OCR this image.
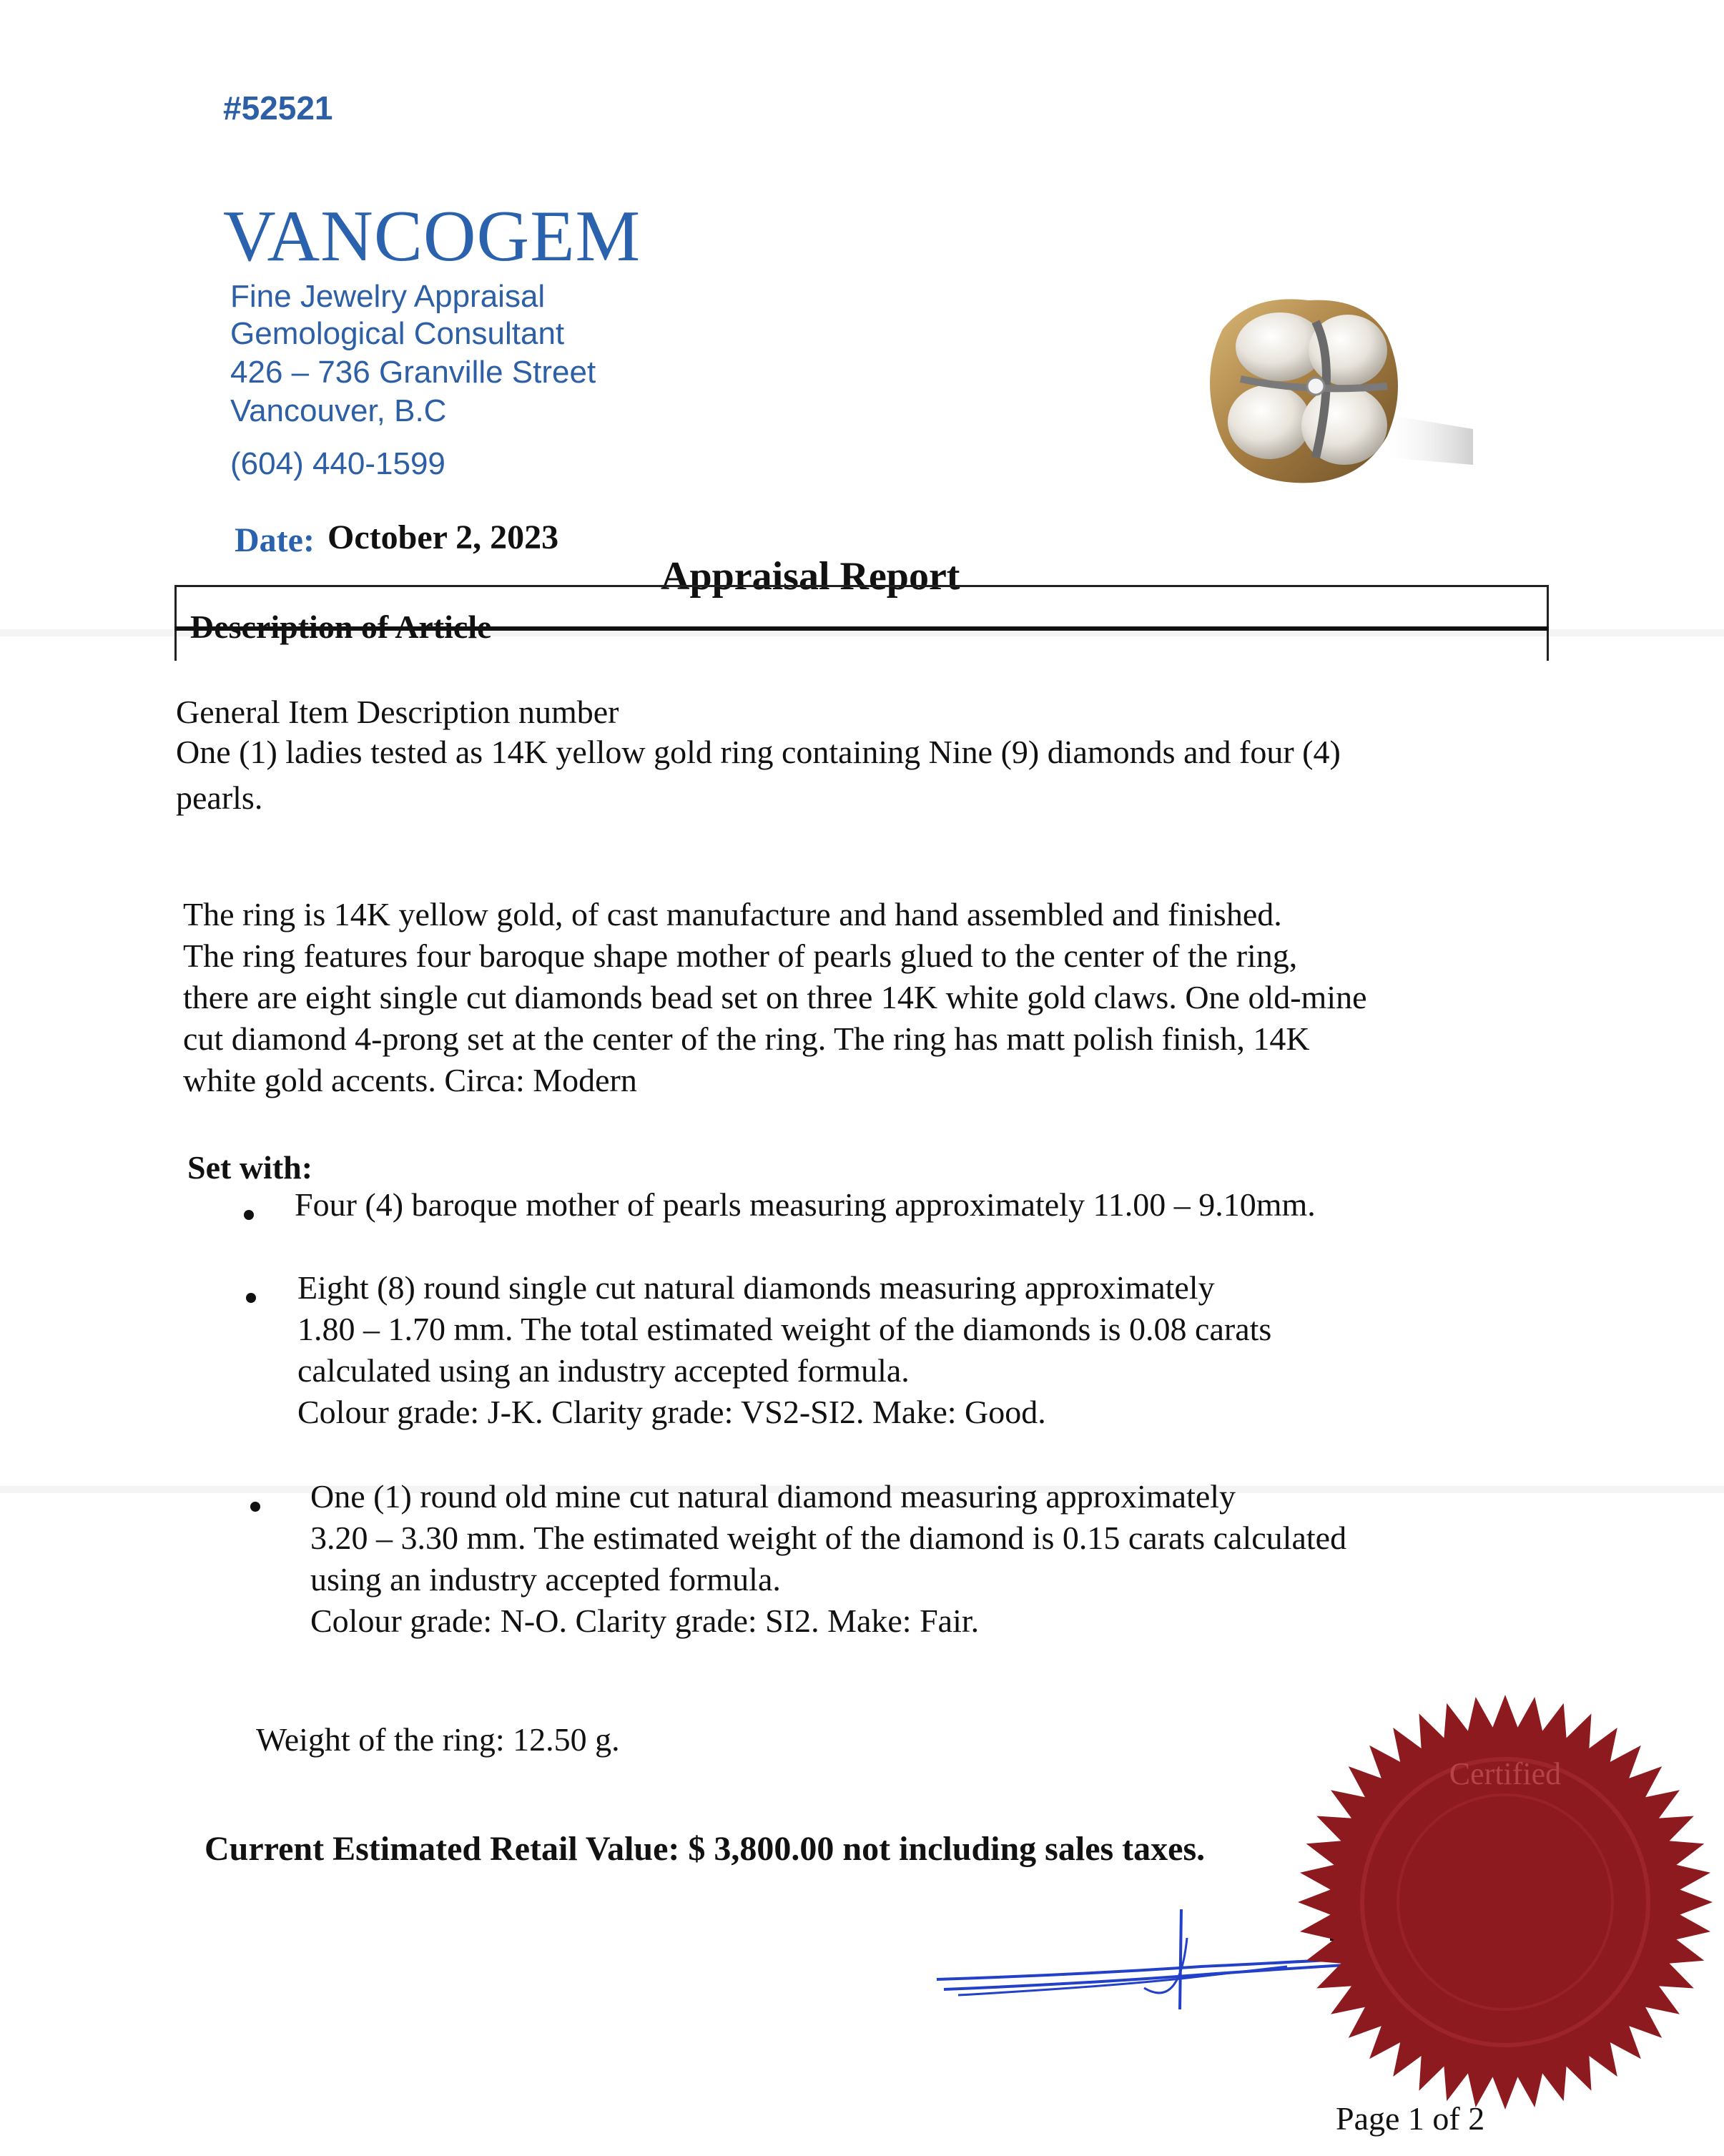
#52521
VANCOGEM
Fine Jewelry Appraisal
Gemological Consultant
426 – 736 Granville Street
Vancouver, B.C
(604) 440-1599
Date: October 2, 2023
Appraisal Report
Description of Article
General Item Description number
One (1) ladies tested as 14K yellow gold ring containing Nine (9) diamonds and four (4)
pearls.
The ring is 14K yellow gold, of cast manufacture and hand assembled and finished.
The ring features four baroque shape mother of pearls glued to the center of the ring,
there are eight single cut diamonds bead set on three 14K white gold claws. One old-mine
cut diamond 4-prong set at the center of the ring. The ring has matt polish finish, 14K
white gold accents. Circa: Modern
Set with:
Four (4) baroque mother of pearls measuring approximately 11.00 – 9.10mm.
Eight (8) round single cut natural diamonds measuring approximately
1.80 – 1.70 mm. The total estimated weight of the diamonds is 0.08 carats
calculated using an industry accepted formula.
Colour grade: J-K. Clarity grade: VS2-SI2. Make: Good.
One (1) round old mine cut natural diamond measuring approximately
3.20 – 3.30 mm. The estimated weight of the diamond is 0.15 carats calculated
using an industry accepted formula.
Colour grade: N-O. Clarity grade: SI2. Make: Fair.
Weight of the ring: 12.50 g.
Current Estimated Retail Value: $ 3,800.00 not including sales taxes.
Certified
Page 1 of 2
